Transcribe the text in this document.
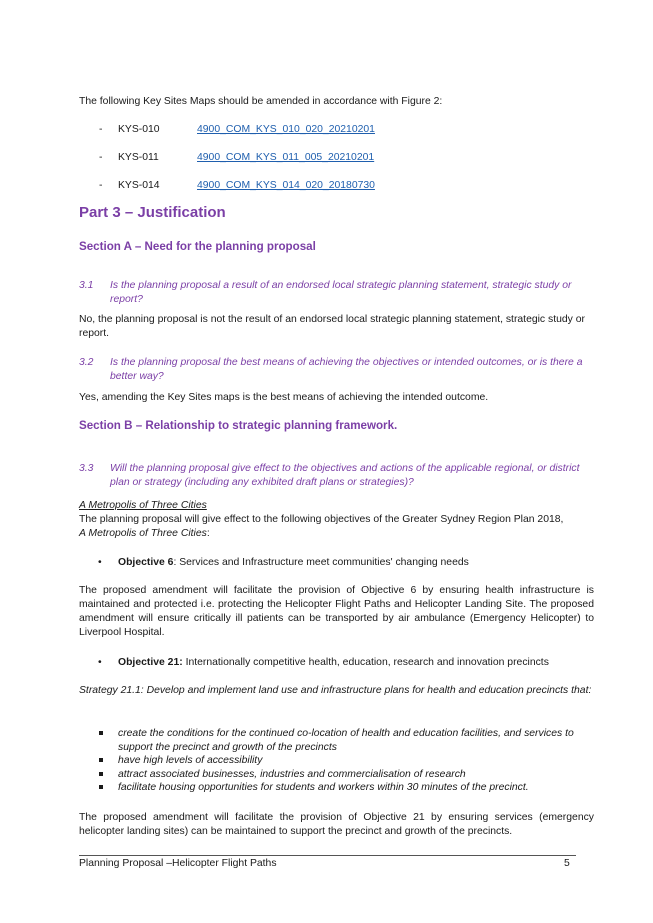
The following Key Sites Maps should be amended in accordance with Figure 2:
- KYS-010	4900_COM_KYS_010_020_20210201
- KYS-011	4900_COM_KYS_011_005_20210201
- KYS-014	4900_COM_KYS_014_020_20180730
Part 3 – Justification
Section A – Need for the planning proposal
3.1	Is the planning proposal a result of an endorsed local strategic planning statement, strategic study or report?
No, the planning proposal is not the result of an endorsed local strategic planning statement, strategic study or report.
3.2	Is the planning proposal the best means of achieving the objectives or intended outcomes, or is there a better way?
Yes, amending the Key Sites maps is the best means of achieving the intended outcome.
Section B – Relationship to strategic planning framework.
3.3	Will the planning proposal give effect to the objectives and actions of the applicable regional, or district plan or strategy (including any exhibited draft plans or strategies)?
A Metropolis of Three Cities
The planning proposal will give effect to the following objectives of the Greater Sydney Region Plan 2018,
A Metropolis of Three Cities:
• Objective 6: Services and Infrastructure meet communities' changing needs
The proposed amendment will facilitate the provision of Objective 6 by ensuring health infrastructure is maintained and protected i.e. protecting the Helicopter Flight Paths and Helicopter Landing Site. The proposed amendment will ensure critically ill patients can be transported by air ambulance (Emergency Helicopter) to Liverpool Hospital.
• Objective 21: Internationally competitive health, education, research and innovation precincts
Strategy 21.1: Develop and implement land use and infrastructure plans for health and education precincts that:
create the conditions for the continued co-location of health and education facilities, and services to support the precinct and growth of the precincts
have high levels of accessibility
attract associated businesses, industries and commercialisation of research
facilitate housing opportunities for students and workers within 30 minutes of the precinct.
The proposed amendment will facilitate the provision of Objective 21 by ensuring services (emergency helicopter landing sites) can be maintained to support the precinct and growth of the precincts.
Planning Proposal –Helicopter Flight Paths	5
